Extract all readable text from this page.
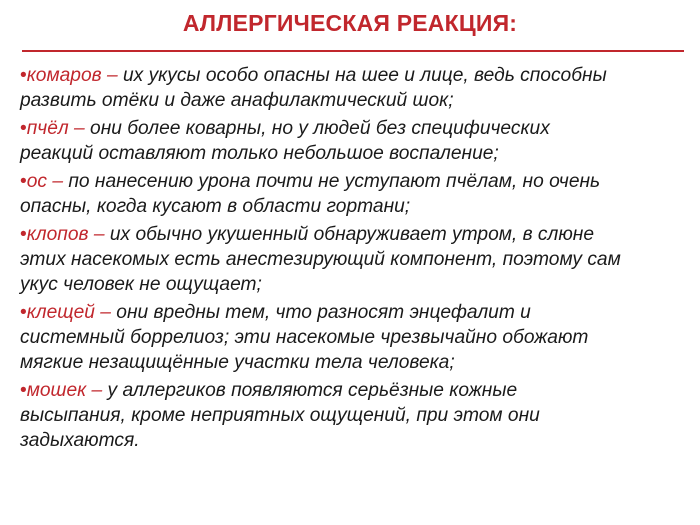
АЛЛЕРГИЧЕСКАЯ РЕАКЦИЯ:
•комаров – их укусы особо опасны на шее и лице, ведь способны
развить отёки и даже анафилактический шок;
•пчёл – они более коварны, но у людей без специфических
реакций оставляют только небольшое воспаление;
•ос – по нанесению урона почти не уступают пчёлам, но очень
опасны, когда кусают в области гортани;
•клопов – их обычно укушенный обнаруживает утром, в слюне
этих насекомых есть анестезирующий компонент, поэтому сам
укус человек не ощущает;
•клещей – они вредны тем, что разносят энцефалит и
системный боррелиоз; эти насекомые чрезвычайно обожают
мягкие незащищённые участки тела человека;
•мошек – у аллергиков появляются серьёзные кожные
высыпания, кроме неприятных ощущений, при этом они
задыхаются.
